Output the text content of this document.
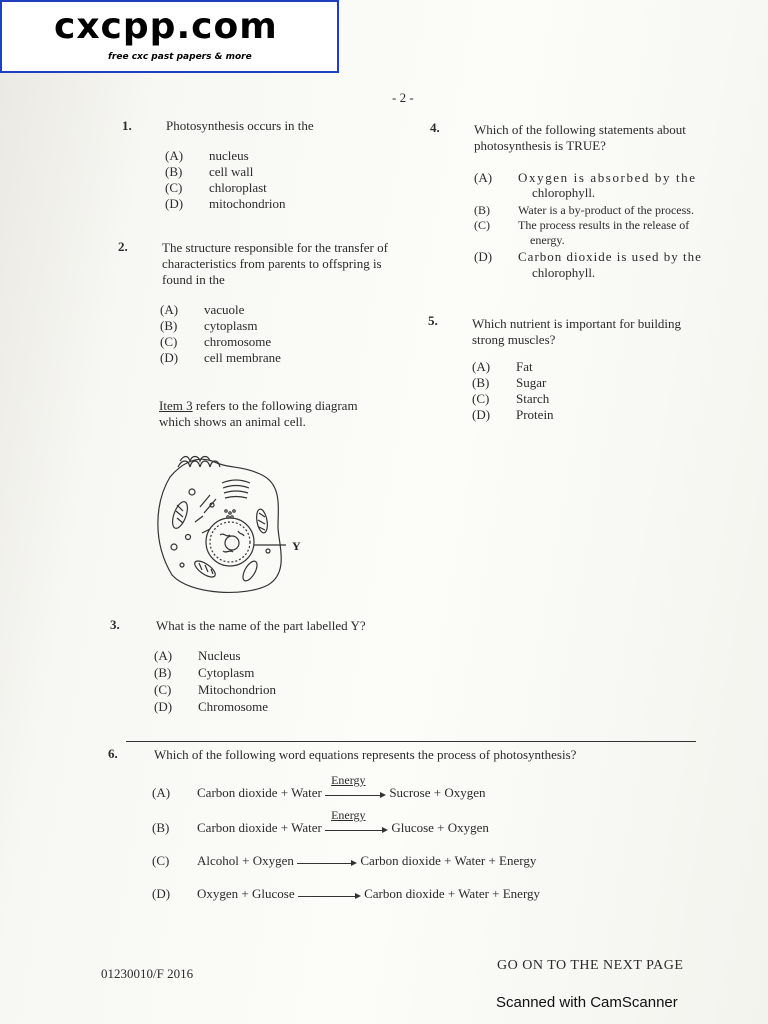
cxcpp.com
free cxc past papers & more
- 2 -
1.	Photosynthesis occurs in the
(A) nucleus
(B) cell wall
(C) chloroplast
(D) mitochondrion
2.	The structure responsible for the transfer of
characteristics from parents to offspring is
found in the
(A) vacuole
(B) cytoplasm
(C) chromosome
(D) cell membrane
Item 3 refers to the following diagram
which shows an animal cell.
Y
3.	What is the name of the part labelled Y?
(A) Nucleus
(B) Cytoplasm
(C) Mitochondrion
(D) Chromosome
4.	Which of the following statements about
photosynthesis is TRUE?
(A) Oxygen is absorbed by the
chlorophyll.
(B) Water is a by-product of the process.
(C) The process results in the release of
energy.
(D) Carbon dioxide is used by the
chlorophyll.
5.	Which nutrient is important for building
strong muscles?
(A) Fat
(B) Sugar
(C) Starch
(D) Protein
6.	Which of the following word equations represents the process of photosynthesis?
(A) Carbon dioxide + Water
Energy
Sucrose + Oxygen
(B) Carbon dioxide + Water
Energy
Glucose + Oxygen
(C) Alcohol + Oxygen	Carbon dioxide + Water + Energy
(D) Oxygen + Glucose	Carbon dioxide + Water + Energy
01230010/F 2016
GO ON TO THE NEXT PAGE
Scanned with CamScanner
